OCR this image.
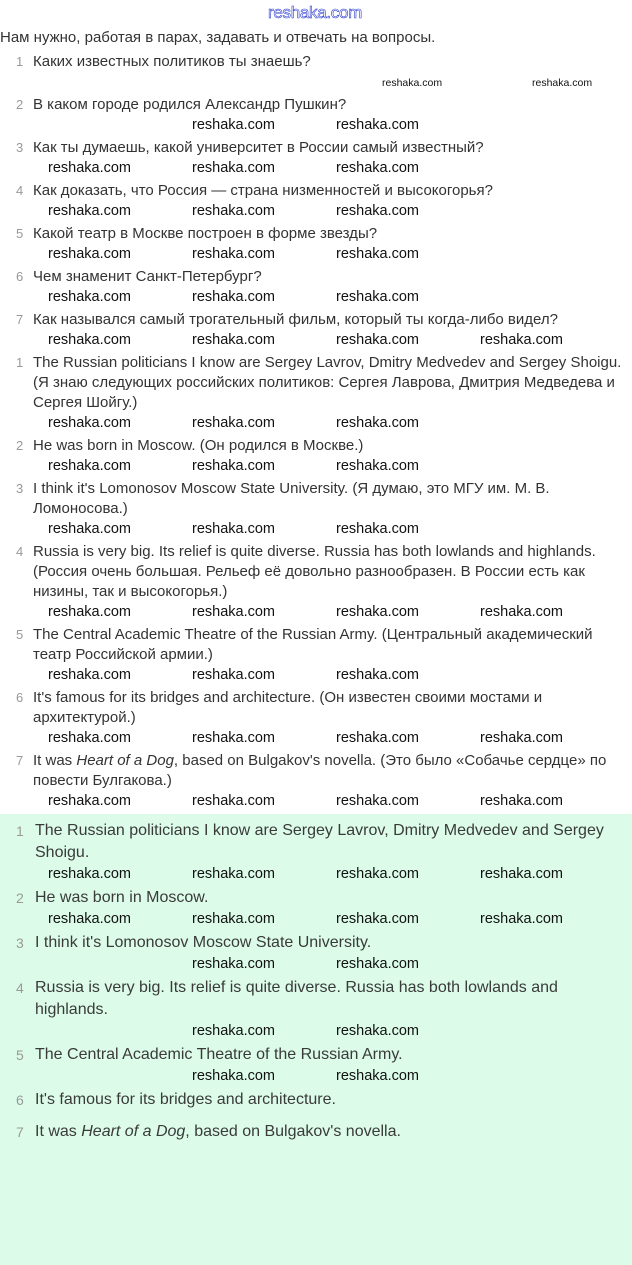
reshaka.com
Нам нужно, работая в парах, задавать и отвечать на вопросы.
1 Каких известных политиков ты знаешь?
reshaka.com
reshaka.com
2 В каком городе родился Александр Пушкин?
reshaka.com	reshaka.com
3 Как ты думаешь, какой университет в России самый известный?
reshaka.com	reshaka.com	reshaka.com
4 Как доказать, что Россия — страна низменностей и высокогорья?
reshaka.com	reshaka.com	reshaka.com
5 Какой театр в Москве построен в форме звезды?
reshaka.com	reshaka.com	reshaka.com
6 Чем знаменит Санкт-Петербург?
reshaka.com	reshaka.com	reshaka.com
7 Как назывался самый трогательный фильм, который ты когда-либо видел?
reshaka.com	reshaka.com	reshaka.com	reshaka.com
1 The Russian politicians I know are Sergey Lavrov, Dmitry Medvedev and Sergey Shoigu. (Я знаю следующих российских политиков: Сергея Лаврова, Дмитрия Медведева и Сергея Шойгу.)
reshaka.com	reshaka.com	reshaka.com
2 He was born in Moscow. (Он родился в Москве.)
reshaka.com	reshaka.com	reshaka.com
3 I think it's Lomonosov Moscow State University. (Я думаю, это МГУ им. М. В. Ломоносова.)
reshaka.com	reshaka.com	reshaka.com
4 Russia is very big. Its relief is quite diverse. Russia has both lowlands and highlands. (Россия очень большая. Рельеф её довольно разнообразен. В России есть как низины, так и высокогорья.)
reshaka.com	reshaka.com	reshaka.com	reshaka.com
5 The Central Academic Theatre of the Russian Army. (Центральный академический театр Российской армии.)
reshaka.com	reshaka.com	reshaka.com
6 It's famous for its bridges and architecture. (Он известен своими мостами и архитектурой.)
reshaka.com	reshaka.com	reshaka.com	reshaka.com
7 It was Heart of a Dog, based on Bulgakov's novella. (Это было «Собачье сердце» по повести Булгакова.)
reshaka.com	reshaka.com	reshaka.com	reshaka.com
1 The Russian politicians I know are Sergey Lavrov, Dmitry Medvedev and Sergey Shoigu.
reshaka.com	reshaka.com	reshaka.com	reshaka.com
2 He was born in Moscow.
reshaka.com	reshaka.com	reshaka.com	reshaka.com
3 I think it's Lomonosov Moscow State University.
reshaka.com	reshaka.com
4 Russia is very big. Its relief is quite diverse. Russia has both lowlands and highlands.
reshaka.com	reshaka.com
5 The Central Academic Theatre of the Russian Army.
reshaka.com	reshaka.com
6 It's famous for its bridges and architecture.
7 It was Heart of a Dog, based on Bulgakov's novella.
